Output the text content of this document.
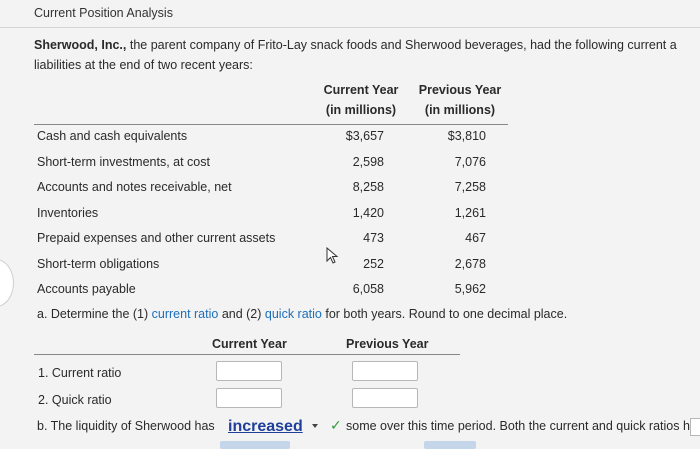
Current Position Analysis
Sherwood, Inc., the parent company of Frito-Lay snack foods and Sherwood beverages, had the following current a
liabilities at the end of two recent years:
Current Year
(in millions)
Previous Year
(in millions)
Cash and cash equivalents	$3,657	$3,810
Short-term investments, at cost	2,598	7,076
Accounts and notes receivable, net	8,258	7,258
Inventories	1,420	1,261
Prepaid expenses and other current assets	473	467
Short-term obligations	252	2,678
Accounts payable	6,058	5,962
a. Determine the (1) current ratio and (2) quick ratio for both years. Round to one decimal place.
Current Year	Previous Year
1. Current ratio
2. Quick ratio
b. The liquidity of Sherwood has increased	✓ some over this time period. Both the current and quick ratios h
